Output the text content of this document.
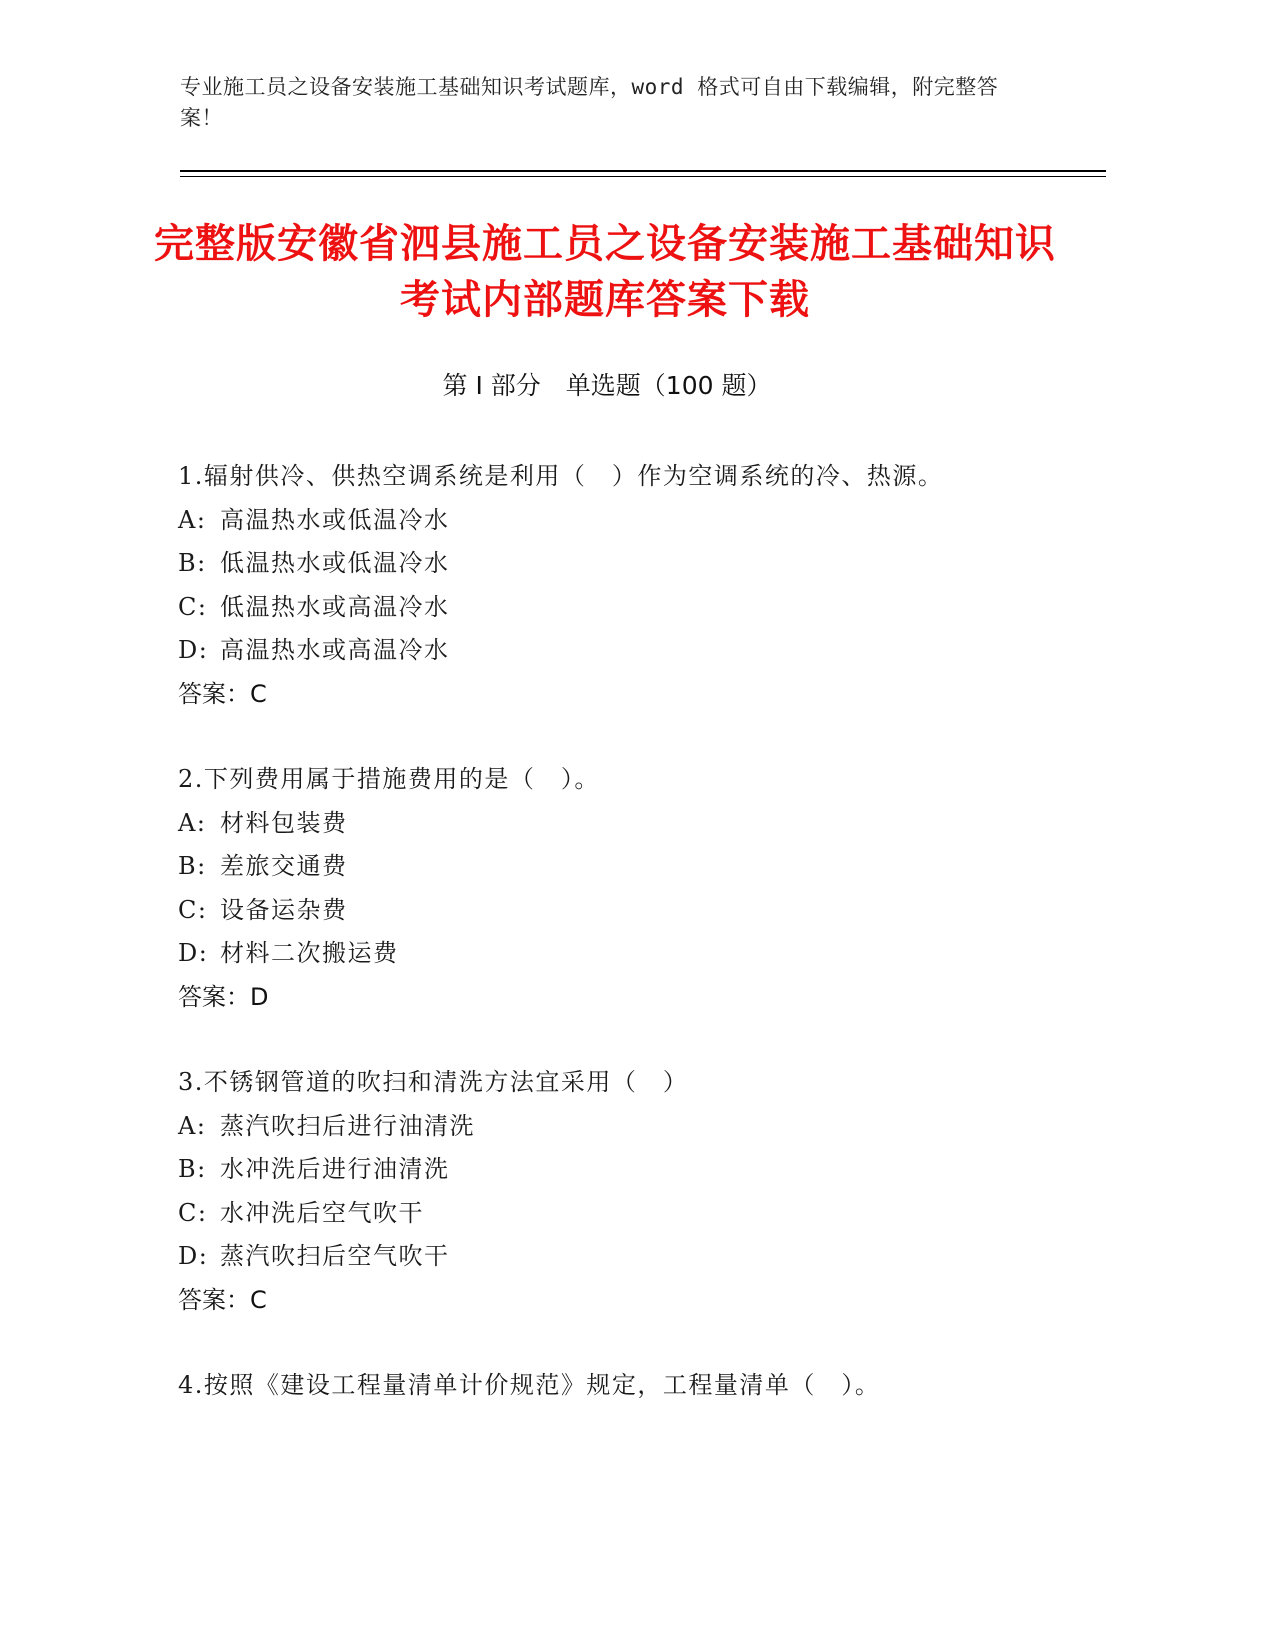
专业施工员之设备安装施工基础知识考试题库，word 格式可自由下载编辑，附完整答案！
完整版安徽省泗县施工员之设备安装施工基础知识考试内部题库答案下载
第 I 部分　单选题（100 题）
1.辐射供冷、供热空调系统是利用（　）作为空调系统的冷、热源。
A: 高温热水或低温冷水
B: 低温热水或低温冷水
C: 低温热水或高温冷水
D: 高温热水或高温冷水
答案：C
2.下列费用属于措施费用的是（　）。
A: 材料包装费
B: 差旅交通费
C: 设备运杂费
D: 材料二次搬运费
答案：D
3.不锈钢管道的吹扫和清洗方法宜采用（　）
A: 蒸汽吹扫后进行油清洗
B: 水冲洗后进行油清洗
C: 水冲洗后空气吹干
D: 蒸汽吹扫后空气吹干
答案：C
4.按照《建设工程量清单计价规范》规定，工程量清单（　）。
